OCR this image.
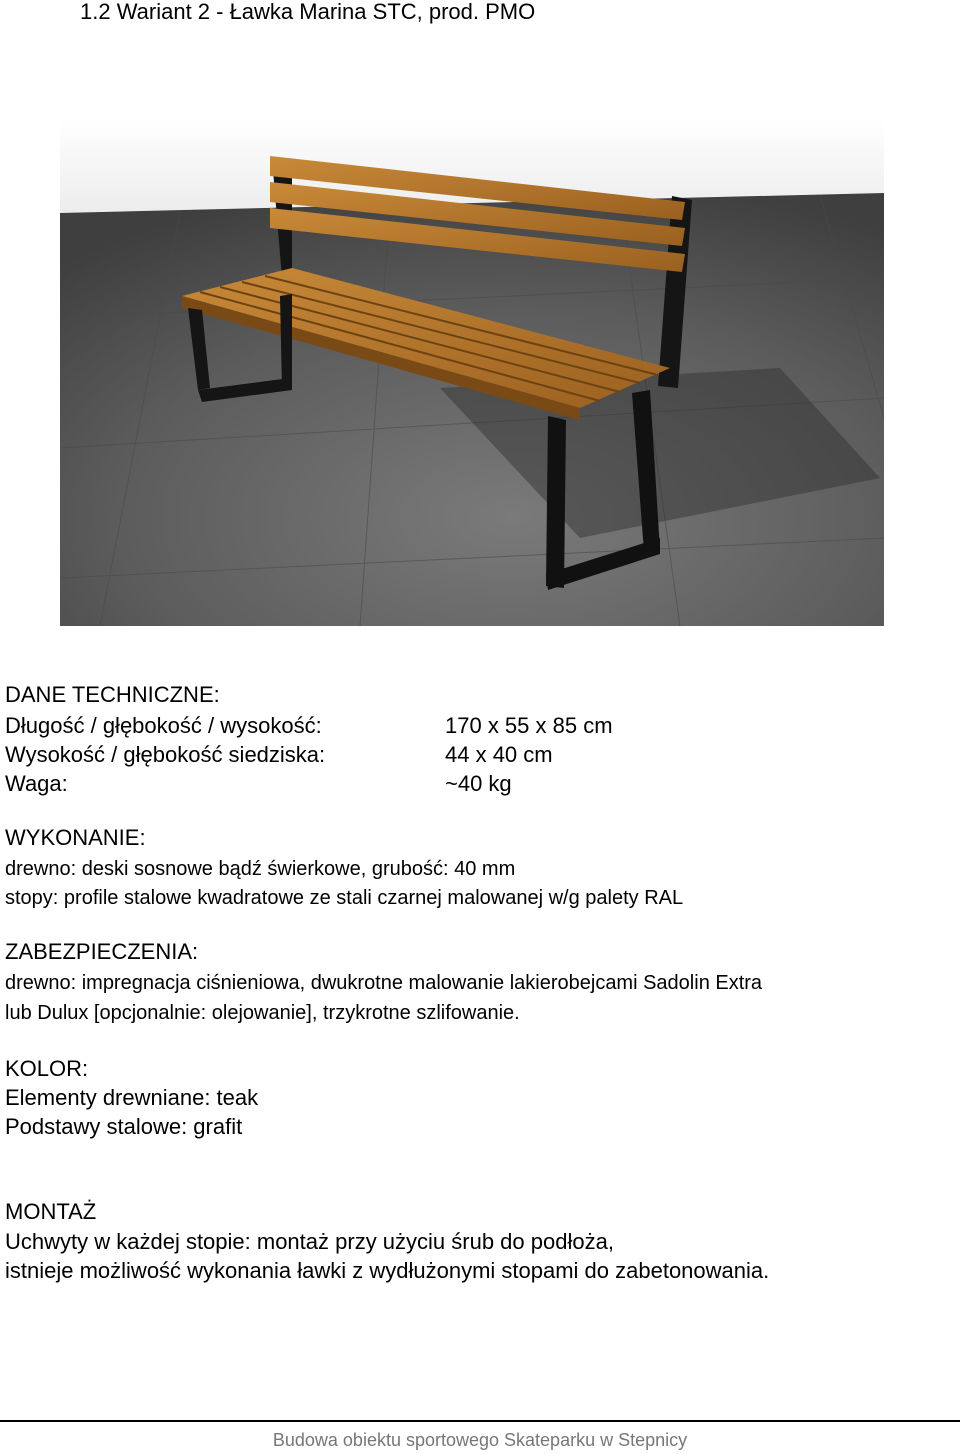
1.2 Wariant 2 - Ławka Marina STC, prod. PMO
DANE TECHNICZNE:
Długość / głębokość / wysokość:	170 x 55 x 85 cm
Wysokość / głębokość siedziska:	44 x 40 cm
Waga:	~40 kg
WYKONANIE:
drewno: deski sosnowe bądź świerkowe, grubość: 40 mm
stopy: profile stalowe kwadratowe ze stali czarnej malowanej w/g palety RAL
ZABEZPIECZENIA:
drewno: impregnacja ciśnieniowa, dwukrotne malowanie lakierobejcami Sadolin Extra
lub Dulux [opcjonalnie: olejowanie], trzykrotne szlifowanie.
KOLOR:
Elementy drewniane: teak
Podstawy stalowe: grafit
MONTAŻ
Uchwyty w każdej stopie: montaż przy użyciu śrub do podłoża,
istnieje możliwość wykonania ławki z wydłużonymi stopami do zabetonowania.
Budowa obiektu sportowego Skateparku w Stepnicy
